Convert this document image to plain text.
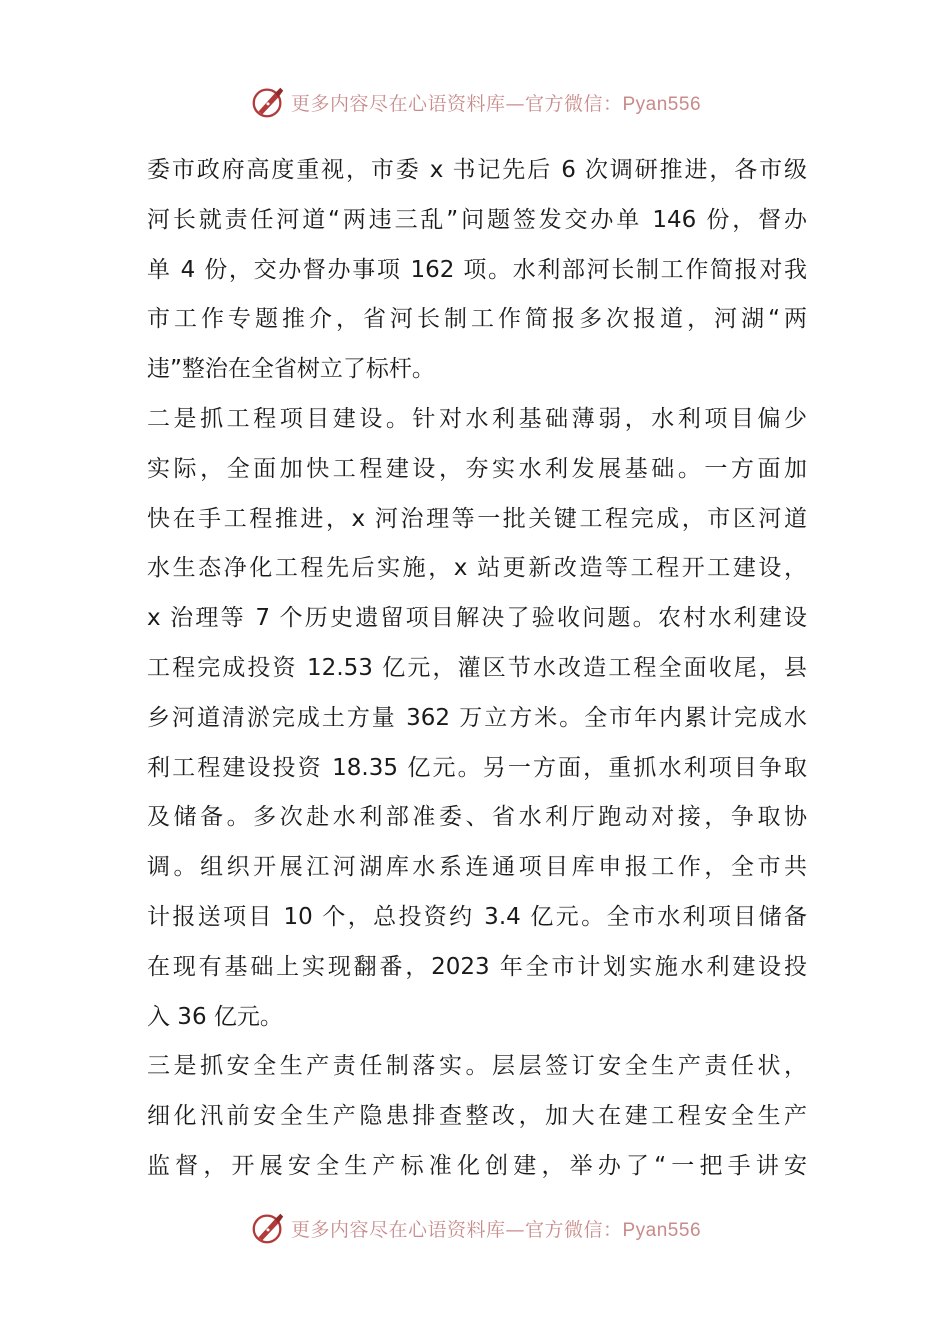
更多内容尽在心语资料库—官方微信：Pyan556
委市政府高度重视，市委 x 书记先后 6 次调研推进，各市级
河长就责任河道“两违三乱”问题签发交办单 146 份，督办
单 4 份，交办督办事项 162 项。水利部河长制工作简报对我
市工作专题推介，省河长制工作简报多次报道，河湖“两
违”整治在全省树立了标杆。
二是抓工程项目建设。针对水利基础薄弱，水利项目偏少
实际，全面加快工程建设，夯实水利发展基础。一方面加
快在手工程推进，x 河治理等一批关键工程完成，市区河道
水生态净化工程先后实施，x 站更新改造等工程开工建设，
x 治理等 7 个历史遗留项目解决了验收问题。农村水利建设
工程完成投资 12.53 亿元，灌区节水改造工程全面收尾，县
乡河道清淤完成土方量 362 万立方米。全市年内累计完成水
利工程建设投资 18.35 亿元。另一方面，重抓水利项目争取
及储备。多次赴水利部准委、省水利厅跑动对接，争取协
调。组织开展江河湖库水系连通项目库申报工作，全市共
计报送项目 10 个，总投资约 3.4 亿元。全市水利项目储备
在现有基础上实现翻番，2023 年全市计划实施水利建设投
入 36 亿元。
三是抓安全生产责任制落实。层层签订安全生产责任状，
细化汛前安全生产隐患排查整改，加大在建工程安全生产
监督，开展安全生产标准化创建，举办了“一把手讲安
更多内容尽在心语资料库—官方微信：Pyan556
